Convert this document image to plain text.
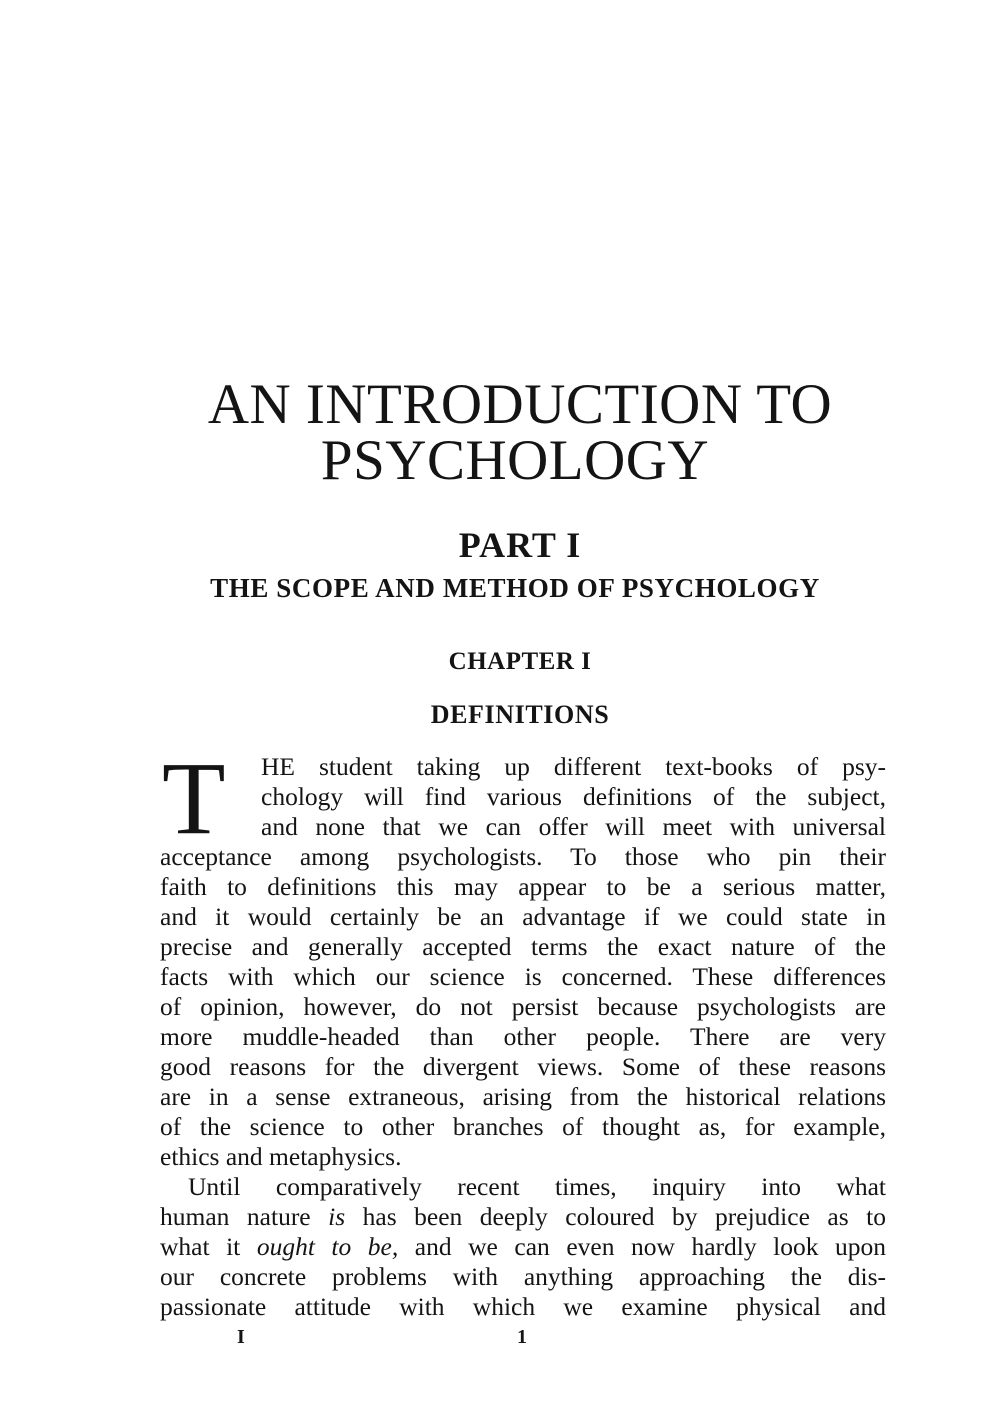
AN INTRODUCTION TO
PSYCHOLOGY
PART I
THE SCOPE AND METHOD OF PSYCHOLOGY
CHAPTER I
DEFINITIONS
T	HE student taking up different text-books of psy-
chology will find various definitions of the subject,
and none that we can offer will meet with universal
acceptance among psychologists. To those who pin their
faith to definitions this may appear to be a serious matter,
and it would certainly be an advantage if we could state in
precise and generally accepted terms the exact nature of the
facts with which our science is concerned. These differences
of opinion, however, do not persist because psychologists are
more muddle-headed than other people. There are very
good reasons for the divergent views. Some of these reasons
are in a sense extraneous, arising from the historical relations
of the science to other branches of thought as, for example,
ethics and metaphysics.
Until comparatively recent times, inquiry into what
human nature is has been deeply coloured by prejudice as to
what it ought to be, and we can even now hardly look upon
our concrete problems with anything approaching the dis-
passionate attitude with which we examine physical and
I	1
